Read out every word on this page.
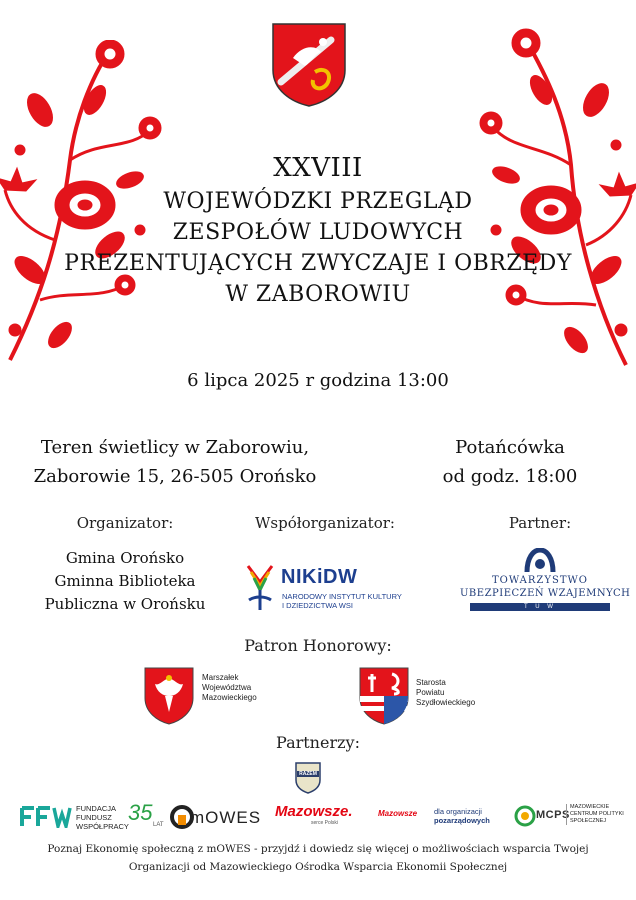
XXVIII
WOJEWÓDZKI PRZEGLĄD
ZESPOŁÓW LUDOWYCH
PREZENTUJĄCYCH ZWYCZAJE I OBRZĘDY
W ZABOROWIU
6 lipca 2025 r godzina 13:00
Teren świetlicy w Zaborowiu,
Zaborowie 15, 26-505 Orońsko
Potańcówka
od godz. 18:00
Organizator:
Gmina Orońsko
Gminna Biblioteka
Publiczna w Orońsku
Współorganizator:
NIKiDW
NARODOWY INSTYTUT KULTURY
I DZIEDZICTWA WSI
Partner:
TOWARZYSTWO
UBEZPIECZEŃ WZAJEMNYCH
T U W
Patron Honorowy:
Marszałek
Województwa
Mazowieckiego
Starosta
Powiatu
Szydłowieckiego
Partnerzy:
RAZEM
FUNDACJA
FUNDUSZ
WSPÓŁPRACY
35 LAT mOWES Mazowsze.
serce Polski
Mazowsze dla organizacji
pozarządowych	MCPS
MAZOWIECKIE
CENTRUM POLITYKI
SPOŁECZNEJ
Poznaj Ekonomię społeczną z mOWES - przyjdź i dowiedz się więcej o możliwościach wsparcia Twojej
Organizacji od Mazowieckiego Ośrodka Wsparcia Ekonomii Społecznej
